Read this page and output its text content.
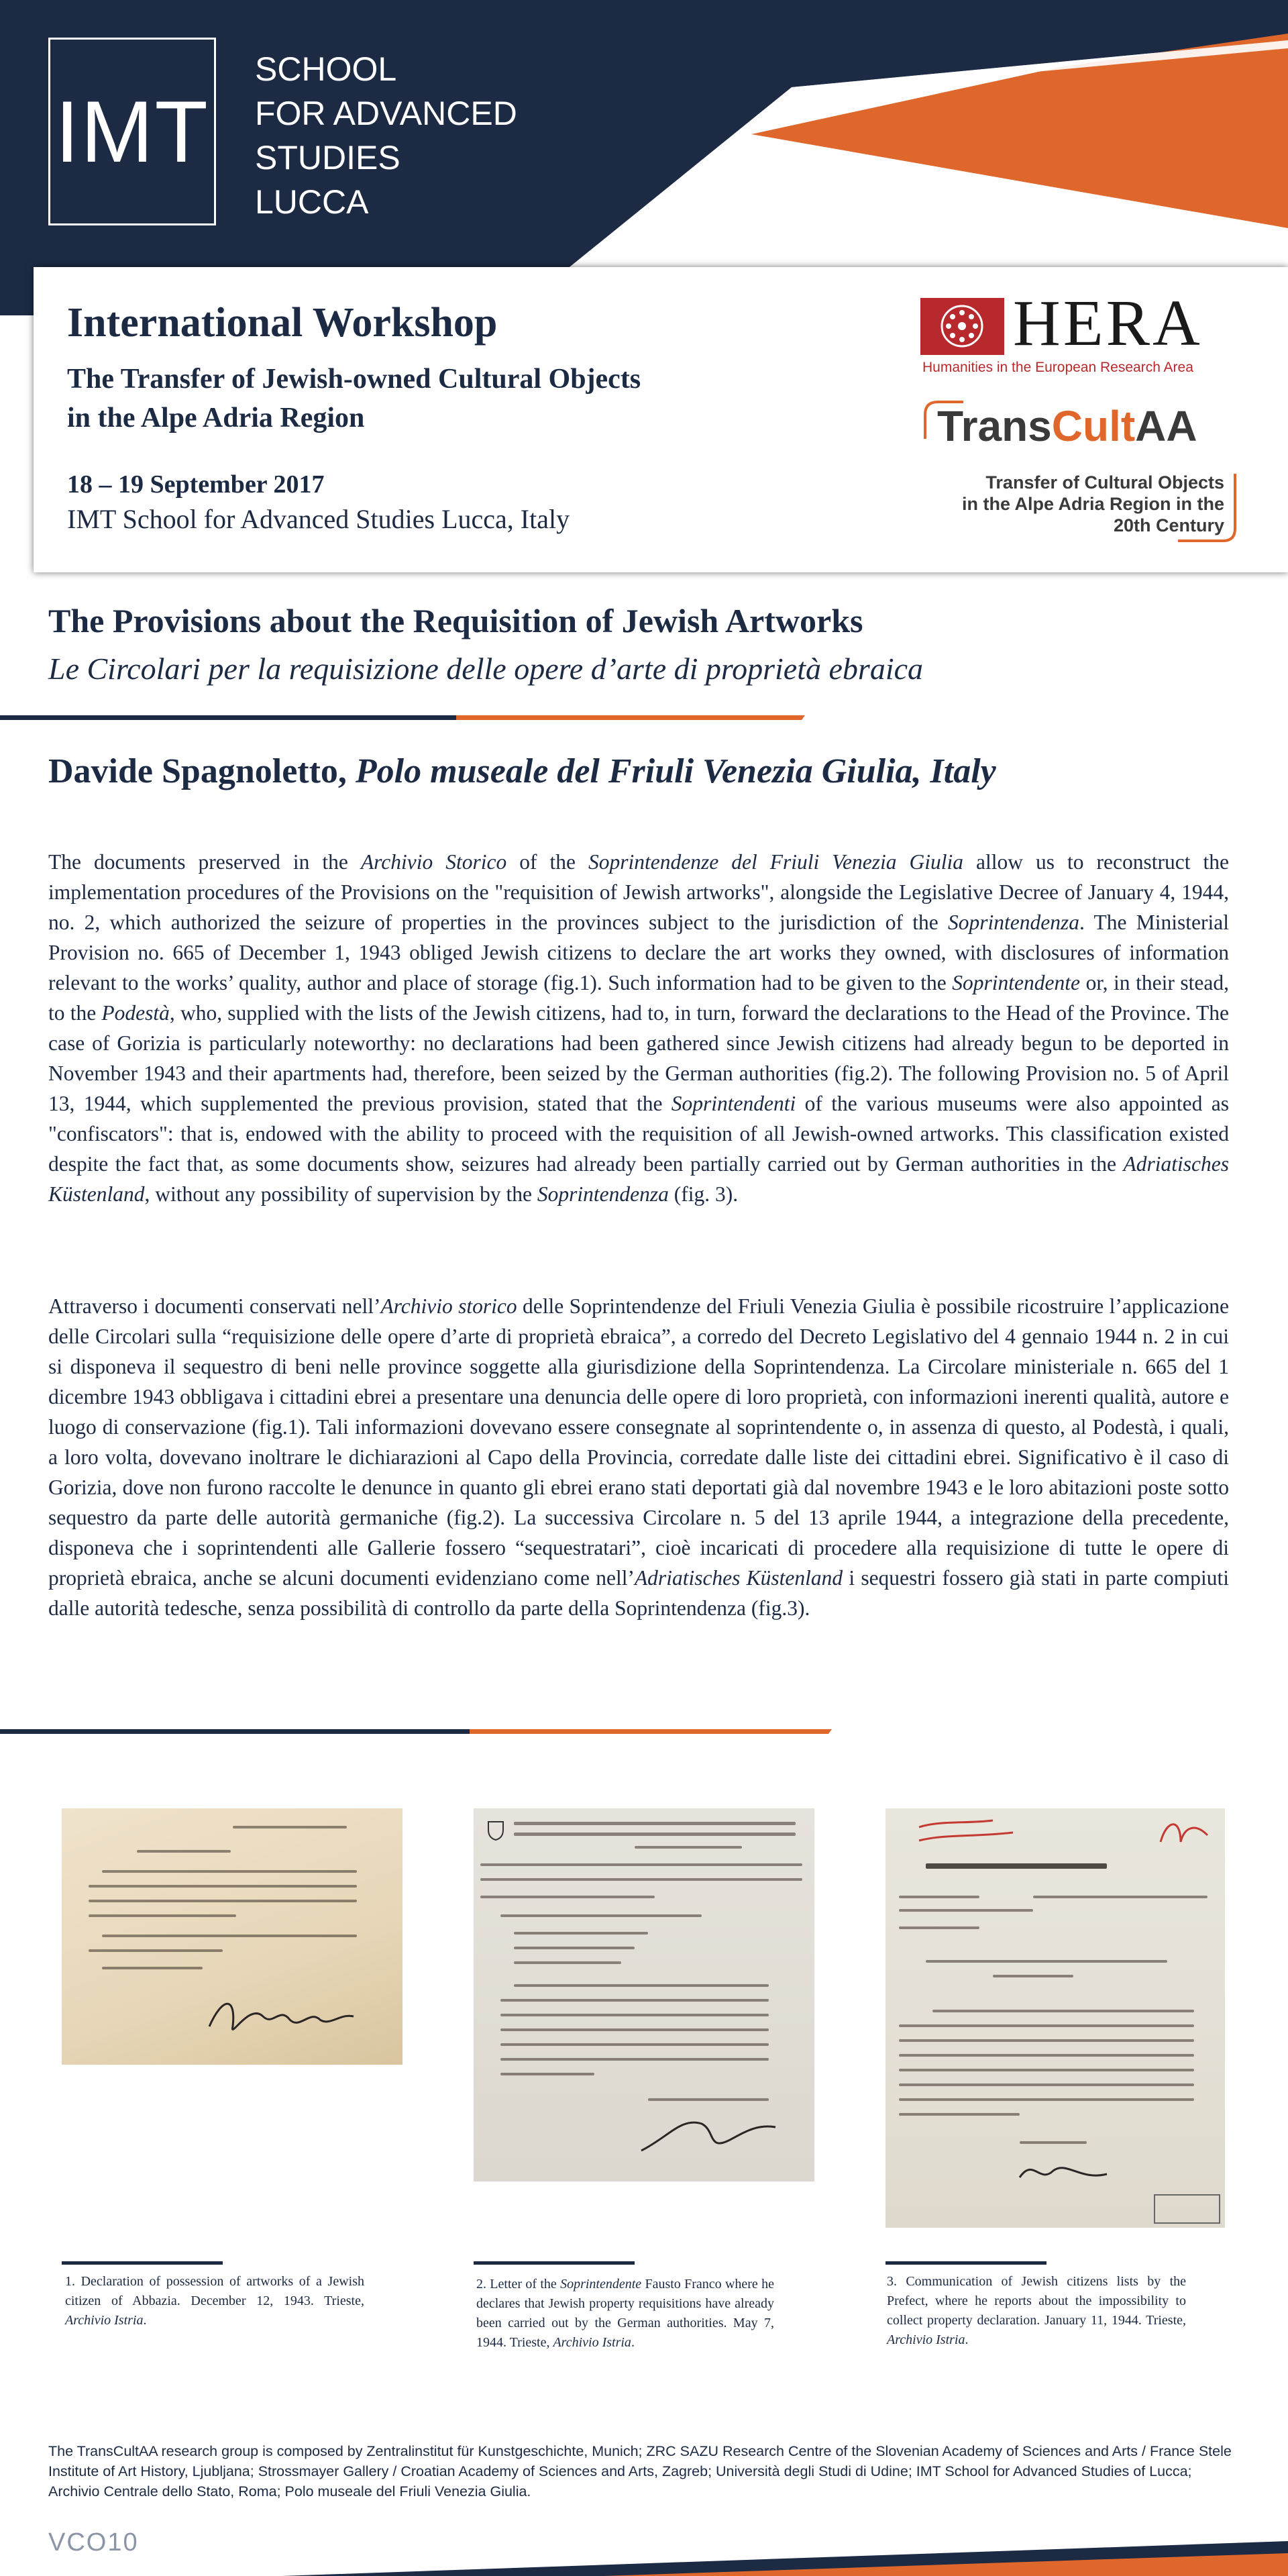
IMT
SCHOOL
FOR ADVANCED
STUDIES
LUCCA
International Workshop
The Transfer of Jewish-owned Cultural Objects
in the Alpe Adria Region
18 – 19 September 2017
IMT School for Advanced Studies Lucca, Italy
HERA
Humanities in the European Research Area
TransCultAA
Transfer of Cultural Objects
in the Alpe Adria Region in the
20th Century
The Provisions about the Requisition of Jewish Artworks
Le Circolari per la requisizione delle opere d’arte di proprietà ebraica
Davide Spagnoletto, Polo museale del Friuli Venezia Giulia, Italy
The documents preserved in the Archivio Storico of the Soprintendenze del Friuli Venezia Giulia allow us to reconstruct the implementation procedures of the Provisions on the "requisition of Jewish artworks", alongside the Legislative Decree of January 4, 1944, no. 2, which authorized the seizure of properties in the provinces subject to the jurisdiction of the Soprintendenza. The Ministerial Provision no. 665 of December 1, 1943 obliged Jewish citizens to declare the art works they owned, with disclosures of information relevant to the works’ quality, author and place of storage (fig.1). Such information had to be given to the Soprintendente or, in their stead, to the Podestà, who, supplied with the lists of the Jewish citizens, had to, in turn, forward the declarations to the Head of the Province. The case of Gorizia is particularly noteworthy: no declarations had been gathered since Jewish citizens had already begun to be deported in November 1943 and their apartments had, therefore, been seized by the German authorities (fig.2). The following Provision no. 5 of April 13, 1944, which supplemented the previous provision, stated that the Soprintendenti of the various museums were also appointed as "confiscators": that is, endowed with the ability to proceed with the requisition of all Jewish-owned artworks. This classification existed despite the fact that, as some documents show, seizures had already been partially carried out by German authorities in the Adriatisches Küstenland, without any possibility of supervision by the Soprintendenza (fig. 3).
Attraverso i documenti conservati nell’Archivio storico delle Soprintendenze del Friuli Venezia Giulia è possibile ricostruire l’applicazione delle Circolari sulla “requisizione delle opere d’arte di proprietà ebraica”, a corredo del Decreto Legislativo del 4 gennaio 1944 n. 2 in cui si disponeva il sequestro di beni nelle province soggette alla giurisdizione della Soprintendenza. La Circolare ministeriale n. 665 del 1 dicembre 1943 obbligava i cittadini ebrei a presentare una denuncia delle opere di loro proprietà, con informazioni inerenti qualità, autore e luogo di conservazione (fig.1). Tali informazioni dovevano essere consegnate al soprintendente o, in assenza di questo, al Podestà, i quali, a loro volta, dovevano inoltrare le dichiarazioni al Capo della Provincia, corredate dalle liste dei cittadini ebrei. Significativo è il caso di Gorizia, dove non furono raccolte le denunce in quanto gli ebrei erano stati deportati già dal novembre 1943 e le loro abitazioni poste sotto sequestro da parte delle autorità germaniche (fig.2). La successiva Circolare n. 5 del 13 aprile 1944, a integrazione della precedente, disponeva che i soprintendenti alle Gallerie fossero “sequestratari”, cioè incaricati di procedere alla requisizione di tutte le opere di proprietà ebraica, anche se alcuni documenti evidenziano come nell’Adriatisches Küstenland i sequestri fossero già stati in parte compiuti dalle autorità tedesche, senza possibilità di controllo da parte della Soprintendenza (fig.3).
1. Declaration of possession of artworks of a Jewish citizen of Abbazia. December 12, 1943. Trieste, Archivio Istria.
2. Letter of the Soprintendente Fausto Franco where he declares that Jewish property requisitions have already been carried out by the German authorities. May 7, 1944. Trieste, Archivio Istria.
3. Communication of Jewish citizens lists by the Prefect, where he reports about the impossibility to collect property declaration. January 11, 1944. Trieste, Archivio Istria.
The TransCultAA research group is composed by Zentralinstitut für Kunstgeschichte, Munich; ZRC SAZU Research Centre of the Slovenian Academy of Sciences and Arts / France Stele Institute of Art History, Ljubljana; Strossmayer Gallery / Croatian Academy of Sciences and Arts, Zagreb; Università degli Studi di Udine; IMT School for Advanced Studies of Lucca; Archivio Centrale dello Stato, Roma; Polo museale del Friuli Venezia Giulia.
VCO10
